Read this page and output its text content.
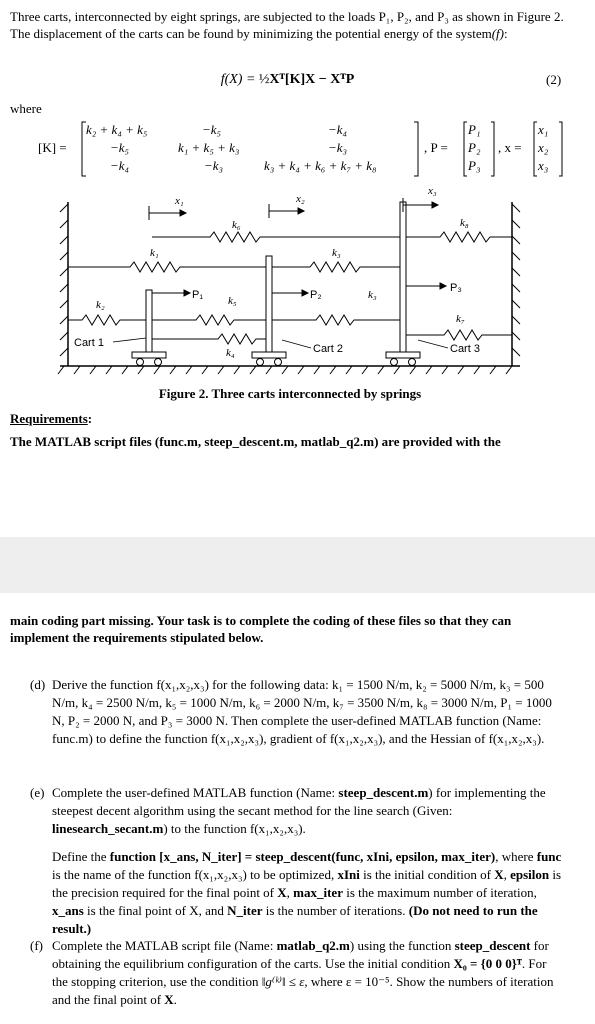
Three carts, interconnected by eight springs, are subjected to the loads P₁, P₂, and P₃ as shown in Figure 2. The displacement of the carts can be found by minimizing the potential energy of the system(f):
f(X) = ½Xᵀ[K]X − XᵀP	(2)
where
[K] =
k₂ + k₄ + k₅	−k₅	−k₄
−k₅	k₁ + k₅ + k₃	−k₃
−k₄	−k₃	k₃ + k₄ + k₆ + k₇ + k₈
, P =
P₁
P₂
P₃
, x =
x₁
x₂
x₃
x₁	x₂
x₃
k₆
k₁	k₃
k₈
k₂	k₅	k₃
k₇
k₄
P₁	P₂
P₃
Cart 1	Cart 2	Cart 3
Figure 2. Three carts interconnected by springs
Requirements:
The MATLAB script files (func.m, steep_descent.m, matlab_q2.m) are provided with the
main coding part missing. Your task is to complete the coding of these files so that they can implement the requirements stipulated below.
(d) Derive the function f(x₁,x₂,x₃) for the following data: k₁ = 1500 N/m, k₂ = 5000 N/m, k₃ = 500 N/m, k₄ = 2500 N/m, k₅ = 1000 N/m, k₆ = 2000 N/m, k₇ = 3500 N/m, k₈ = 3000 N/m, P₁ = 1000 N, P₂ = 2000 N, and P₃ = 3000 N. Then complete the user-defined MATLAB function (Name: func.m) to define the function f(x₁,x₂,x₃), gradient of f(x₁,x₂,x₃), and the Hessian of f(x₁,x₂,x₃).
(e) Complete the user-defined MATLAB function (Name: steep_descent.m) for implementing the steepest decent algorithm using the secant method for the line search (Given: linesearch_secant.m) to the function f(x₁,x₂,x₃).
Define the function [x_ans, N_iter] = steep_descent(func, xIni, epsilon, max_iter), where func is the name of the function f(x₁,x₂,x₃) to be optimized, xIni is the initial condition of X, epsilon is the precision required for the final point of X, max_iter is the maximum number of iteration, x_ans is the final point of X, and N_iter is the number of iterations. (Do not need to run the result.)
(f) Complete the MATLAB script file (Name: matlab_q2.m) using the function steep_descent for obtaining the equilibrium configuration of the carts. Use the initial condition X₀ = {0 0 0}ᵀ. For the stopping criterion, use the condition ‖g⁽ᵏ⁾‖ ≤ ε, where ε = 10⁻⁵. Show the numbers of iteration and the final point of X.
